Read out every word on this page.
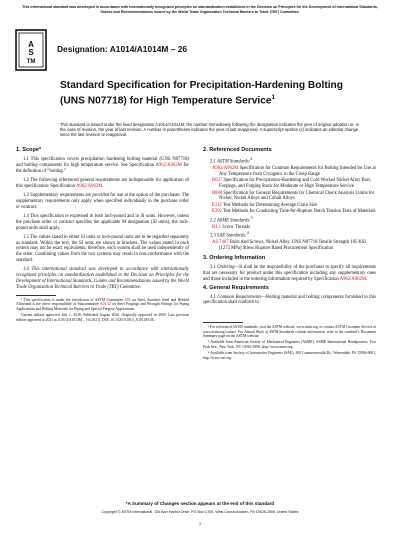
This international standard was developed in accordance with internationally recognized principles on standardization established in the Decision on Principles for the Development of International Standards, Guides and Recommendations issued by the World Trade Organization Technical Barriers to Trade (TBT) Committee.
A
S
TM
Designation: A1014/A1014M – 26
Standard Specification for Precipitation-Hardening Bolting (UNS N07718) for High Temperature Service$^1$
This standard is issued under the fixed designation A1014/A1014M; the number immediately following the designation indicates the year of original adoption or, in the case of revision, the year of last revision. A number in parentheses indicates the year of last reapproval. A superscript epsilon (ε) indicates an editorial change since the last revision or reapproval.
1. Scope*

1.1 This specification covers precipitation hardening bolting material (UNS N07718) and bolting components for high temperature service. See Specification A962/A962M for the definition of “bolting.”

1.2 The following referenced general requirements are indispensable for application of this specification: Specification A962/A962M.

1.3 Supplementary requirements are provided for use at the option of the purchaser. The supplementary requirements only apply when specified individually in the purchase order or contract.

1.4 This specification is expressed in both inch-pound and in SI units. However, unless the purchase order or contract specifies the applicable M designation (SI units), the inch-pound units shall apply.

1.5 The values stated in either SI units or inch-pound units are to be regarded separately as standard. Within the text, the SI units are shown in brackets. The values stated in each system may not be exact equivalents; therefore, each system shall be used independently of the other. Combining values from the two systems may result in non-conformance with the standard.

1.6 This international standard was developed in accordance with internationally recognized principles on standardization established in the Decision on Principles for the Development of International Standards, Guides and Recommendations issued by the World Trade Organization Technical Barriers to Trade (TBT) Committee.

¹ This specification is under the jurisdiction of ASTM Committee A01 on Steel, Stainless Steel and Related Alloysand is the direct responsibility of Subcommittee A01.22 on Steel Forgings and Wrought Fittings for Piping Applications and Bolting Materials for Piping and Special Purpose Applications.
Current edition approved July 1, 2026. Published August 2026. Originally approved in 2000. Last previous edition approved in 2021 as A1014/A1014M – 16 (2021). DOI: 10.1520/A1014_A1014M-26.
2. Referenced Documents
2.1 ASTM Standards:$^2$
A962/A962M Specification for Common Requirements for Bolting Intended for Use at Any Temperature from Cryogenic to the Creep Range
B637 Specification for Precipitation-Hardening and Cold Worked Nickel Alloy Bars, Forgings, and Forging Stock for Moderate or High Temperature Service
B880 Specification for General Requirements for Chemical Check Analysis Limits for Nickel, Nickel Alloys and Cobalt Alloys
E112 Test Methods for Determining Average Grain Size
E292 Test Methods for Conducting Time-for-Rupture Notch Tension Tests of Materials
2.2 ASME Standards:$^3$
B1.1 Screw Threads
2.3 SAE Standards:$^4$
AS 7467 Bolts And Screws, Nickel Alloy, UNS N07718 Tensile Strength 185 KSI [1275 MPa] Stress Rupture Rated Procurement Specification
3. Ordering Information

3.1 Ordering—It shall be the responsibility of the purchaser to specify all requirements that are necessary for product under this specification including any supplementary ones and those included in the ordering information required by Specification A962/A962M.

4. General Requirements

4.1 Common Requirements—Bolting material and bolting components furnished to this specification shall conform to

² For referenced ASTM standards, visit the ASTM website, www.astm.org, or contact ASTM Customer Service at www.astm.org/contact. For Annual Book of ASTM Standards volume information, refer to the standard’s Document Summary page on the ASTM website.
³ Available from American Society of Mechanical Engineers (ASME), ASME International Headquarters, Two Park Ave., New York, NY 10016-5990, http://www.asme.org.
⁴ Available from Society of Automotive Engineers (SAE), 400 Commonwealth Dr., Warrendale, PA 15096-0001, http://www.sae.org.
*A Summary of Changes section appears at the end of this standard
Copyright © ASTM International, 100 Barr Harbor Drive, PO Box C700, West Conshohocken, PA 19428-2959. United States
1
